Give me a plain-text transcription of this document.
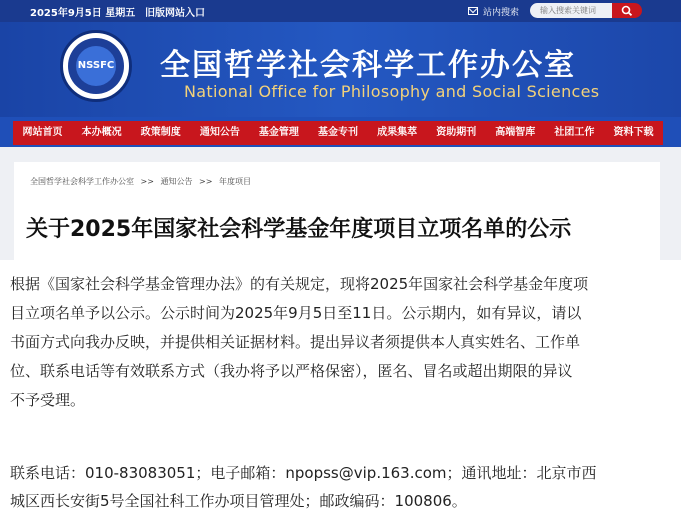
2025年9月5日 星期五 旧版网站入口	站内搜索
输入搜索关键词
NSSFC	全国哲学社会科学工作办公室
National Office for Philosophy and Social Sciences
网站首页	本办概况	政策制度	通知公告	基金管理	基金专刊	成果集萃	资助期刊	高端智库	社团工作	资料下载
全国哲学社会科学工作办公室 >> 通知公告 >> 年度项目
关于2025年国家社会科学基金年度项目立项名单的公示
根据《国家社会科学基金管理办法》的有关规定，现将2025年国家社会科学基金年度项
目立项名单予以公示。公示时间为2025年9月5日至11日。公示期内，如有异议，请以
书面方式向我办反映，并提供相关证据材料。提出异议者须提供本人真实姓名、工作单
位、联系电话等有效联系方式（我办将予以严格保密），匿名、冒名或超出期限的异议
不予受理。
联系电话：010-83083051；电子邮箱：npopss@vip.163.com；通讯地址：北京市西
城区西长安街5号全国社科工作办项目管理处；邮政编码：100806。
